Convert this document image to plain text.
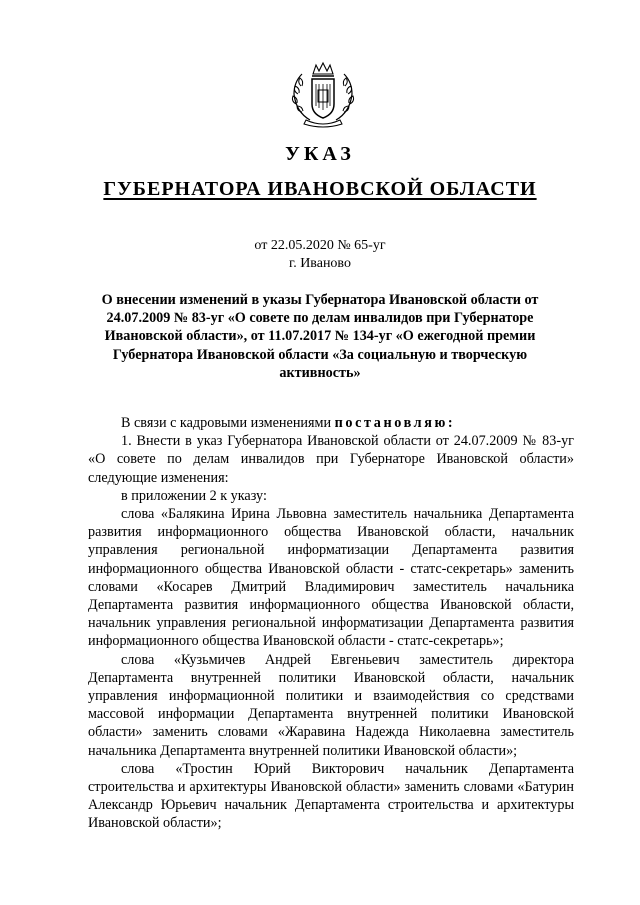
УКАЗ
ГУБЕРНАТОРА ИВАНОВСКОЙ ОБЛАСТИ
от 22.05.2020 № 65-уг
г. Иваново
О внесении изменений в указы Губернатора Ивановской области от 24.07.2009 № 83-уг «О совете по делам инвалидов при Губернаторе Ивановской области», от 11.07.2017 № 134-уг «О ежегодной премии Губернатора Ивановской области «За социальную и творческую активность»

В связи с кадровыми изменениями постановляю:

1. Внести в указ Губернатора Ивановской области от 24.07.2009 № 83-уг «О совете по делам инвалидов при Губернаторе Ивановской области» следующие изменения:

в приложении 2 к указу:

слова «Балякина Ирина Львовна заместитель начальника Департамента развития информационного общества Ивановской области, начальник управления региональной информатизации Департамента развития информационного общества Ивановской области - статс-секретарь» заменить словами «Косарев Дмитрий Владимирович заместитель начальника Департамента развития информационного общества Ивановской области, начальник управления региональной информатизации Департамента развития информационного общества Ивановской области - статс-секретарь»;

слова «Кузьмичев Андрей Евгеньевич заместитель директора Департамента внутренней политики Ивановской области, начальник управления информационной политики и взаимодействия со средствами массовой информации Департамента внутренней политики Ивановской области» заменить словами «Жаравина Надежда Николаевна заместитель начальника Департамента внутренней политики Ивановской области»;

слова «Тростин Юрий Викторович начальник Департамента строительства и архитектуры Ивановской области» заменить словами «Батурин Александр Юрьевич начальник Департамента строительства и архитектуры Ивановской области»;
